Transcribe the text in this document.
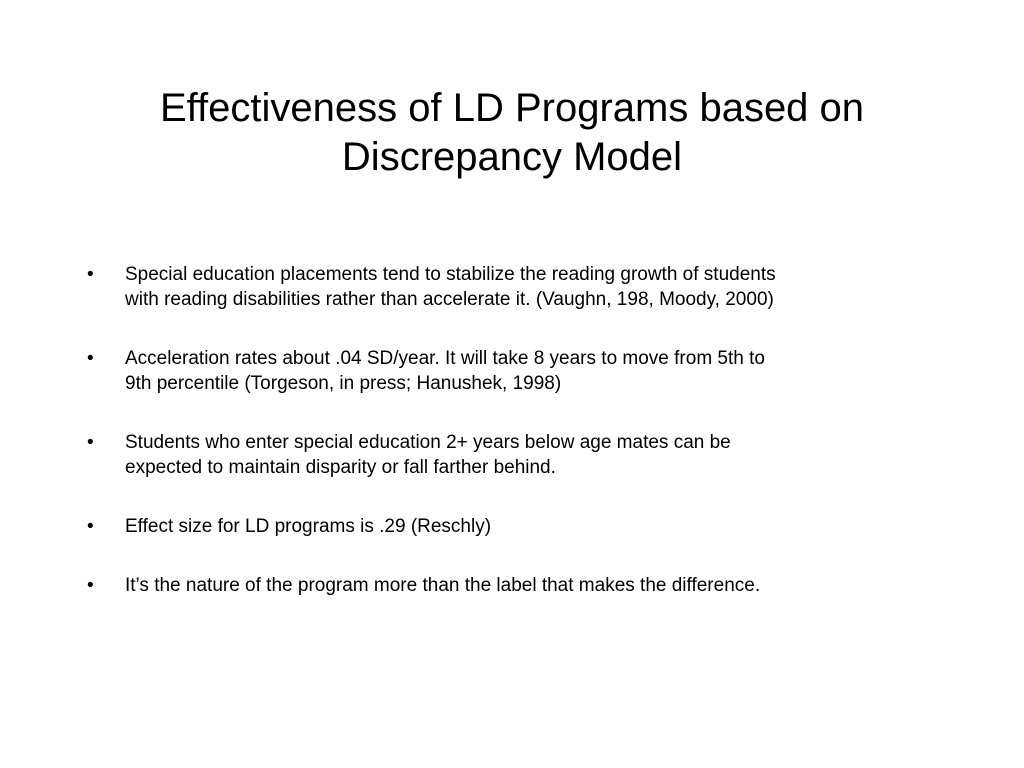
Effectiveness of LD Programs based on
Discrepancy Model
• Special education placements tend to stabilize the reading growth of students
with reading disabilities rather than accelerate it. (Vaughn, 198, Moody, 2000)
• Acceleration rates about .04 SD/year. It will take 8 years to move from 5th to
9th percentile (Torgeson, in press; Hanushek, 1998)
• Students who enter special education 2+ years below age mates can be
expected to maintain disparity or fall farther behind.
• Effect size for LD programs is .29 (Reschly)
• It’s the nature of the program more than the label that makes the difference.
